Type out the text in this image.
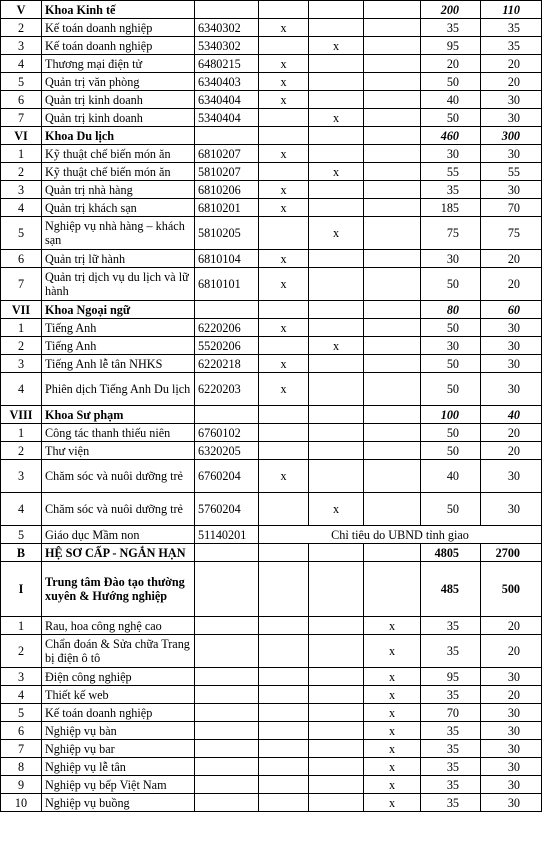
V	Khoa Kinh tế					200	110
2	Kế toán doanh nghiệp	6340302	x			35	35
3	Kế toán doanh nghiệp	5340302		x		95	35
4	Thương mại điện tử	6480215	x			20	20
5	Quản trị văn phòng	6340403	x			50	20
6	Quản trị kinh doanh	6340404	x			40	30
7	Quản trị kinh doanh	5340404		x		50	30
VI	Khoa Du lịch					460	300
1	Kỹ thuật chế biến món ăn	6810207	x			30	30
2	Kỹ thuật chế biến món ăn	5810207		x		55	55
3	Quản trị nhà hàng	6810206	x			35	30
4	Quản trị khách sạn	6810201	x			185	70
5	Nghiệp vụ nhà hàng – khách sạn	5810205		x		75	75
6	Quản trị lữ hành	6810104	x			30	20
7	Quản trị dịch vụ du lịch và lữ hành	6810101	x			50	20
VII	Khoa Ngoại ngữ					80	60
1	Tiếng Anh	6220206	x			50	30
2	Tiếng Anh	5520206		x		30	30
3	Tiếng Anh lễ tân NHKS	6220218	x			50	30
4	Phiên dịch Tiếng Anh Du lịch	6220203	x			50	30
VIII	Khoa Sư phạm					100	40
1	Công tác thanh thiếu niên	6760102				50	20
2	Thư viện	6320205				50	20
3	Chăm sóc và nuôi dưỡng trẻ	6760204	x			40	30
4	Chăm sóc và nuôi dưỡng trẻ	5760204		x		50	30
5	Giáo dục Mầm non	51140201	Chỉ tiêu do UBND tỉnh giao				
B	HỆ SƠ CẤP - NGẮN HẠN					4805	2700
I	Trung tâm Đào tạo thường xuyên & Hướng nghiệp					485	500
1	Rau, hoa công nghệ cao				x	35	20
2	Chẩn đoán & Sửa chữa Trang bị điện ô tô				x	35	20
3	Điện công nghiệp				x	95	30
4	Thiết kế web				x	35	20
5	Kế toán doanh nghiệp				x	70	30
6	Nghiệp vụ bàn				x	35	30
7	Nghiệp vụ bar				x	35	30
8	Nghiệp vụ lễ tân				x	35	30
9	Nghiệp vụ bếp Việt Nam				x	35	30
10	Nghiệp vụ buồng				x	35	30
